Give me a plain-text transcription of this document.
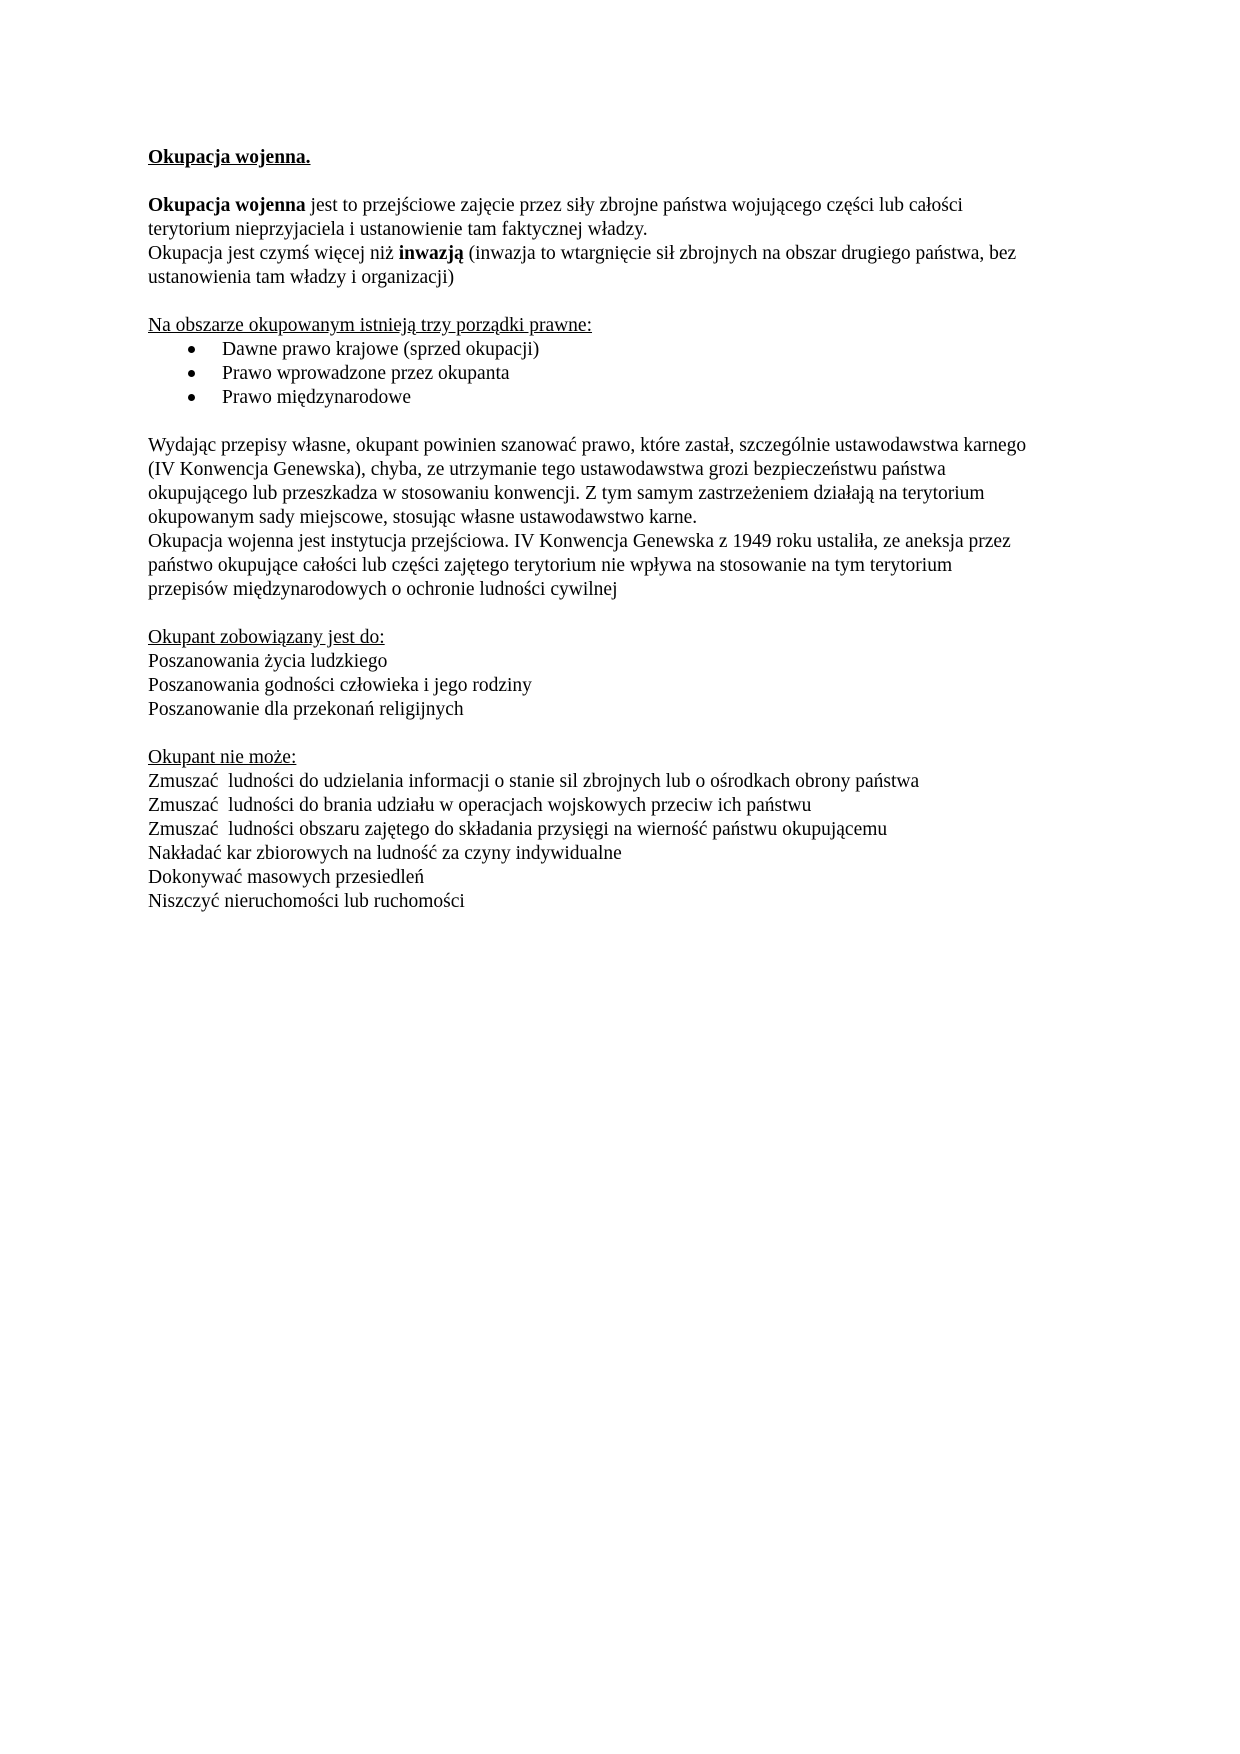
Okupacja wojenna.

Okupacja wojenna jest to przejściowe zajęcie przez siły zbrojne państwa wojującego części lub całości

terytorium nieprzyjaciela i ustanowienie tam faktycznej władzy.

Okupacja jest czymś więcej niż inwazją (inwazja to wtargnięcie sił zbrojnych na obszar drugiego państwa, bez

ustanowienia tam władzy i organizacji)

Na obszarze okupowanym istnieją trzy porządki prawne:

Dawne prawo krajowe (sprzed okupacji)
Prawo wprowadzone przez okupanta
Prawo międzynarodowe

Wydając przepisy własne, okupant powinien szanować prawo, które zastał, szczególnie ustawodawstwa karnego

(IV Konwencja Genewska), chyba, ze utrzymanie tego ustawodawstwa grozi bezpieczeństwu państwa

okupującego lub przeszkadza w stosowaniu konwencji. Z tym samym zastrzeżeniem działają na terytorium

okupowanym sady miejscowe, stosując własne ustawodawstwo karne.

Okupacja wojenna jest instytucja przejściowa. IV Konwencja Genewska z 1949 roku ustaliła, ze aneksja przez

państwo okupujące całości lub części zajętego terytorium nie wpływa na stosowanie na tym terytorium

przepisów międzynarodowych o ochronie ludności cywilnej

Okupant zobowiązany jest do:

Poszanowania życia ludzkiego

Poszanowania godności człowieka i jego rodziny

Poszanowanie dla przekonań religijnych

Okupant nie może:

Zmuszać  ludności do udzielania informacji o stanie sil zbrojnych lub o ośrodkach obrony państwa

Zmuszać  ludności do brania udziału w operacjach wojskowych przeciw ich państwu

Zmuszać  ludności obszaru zajętego do składania przysięgi na wierność państwu okupującemu

Nakładać kar zbiorowych na ludność za czyny indywidualne

Dokonywać masowych przesiedleń

Niszczyć nieruchomości lub ruchomości
